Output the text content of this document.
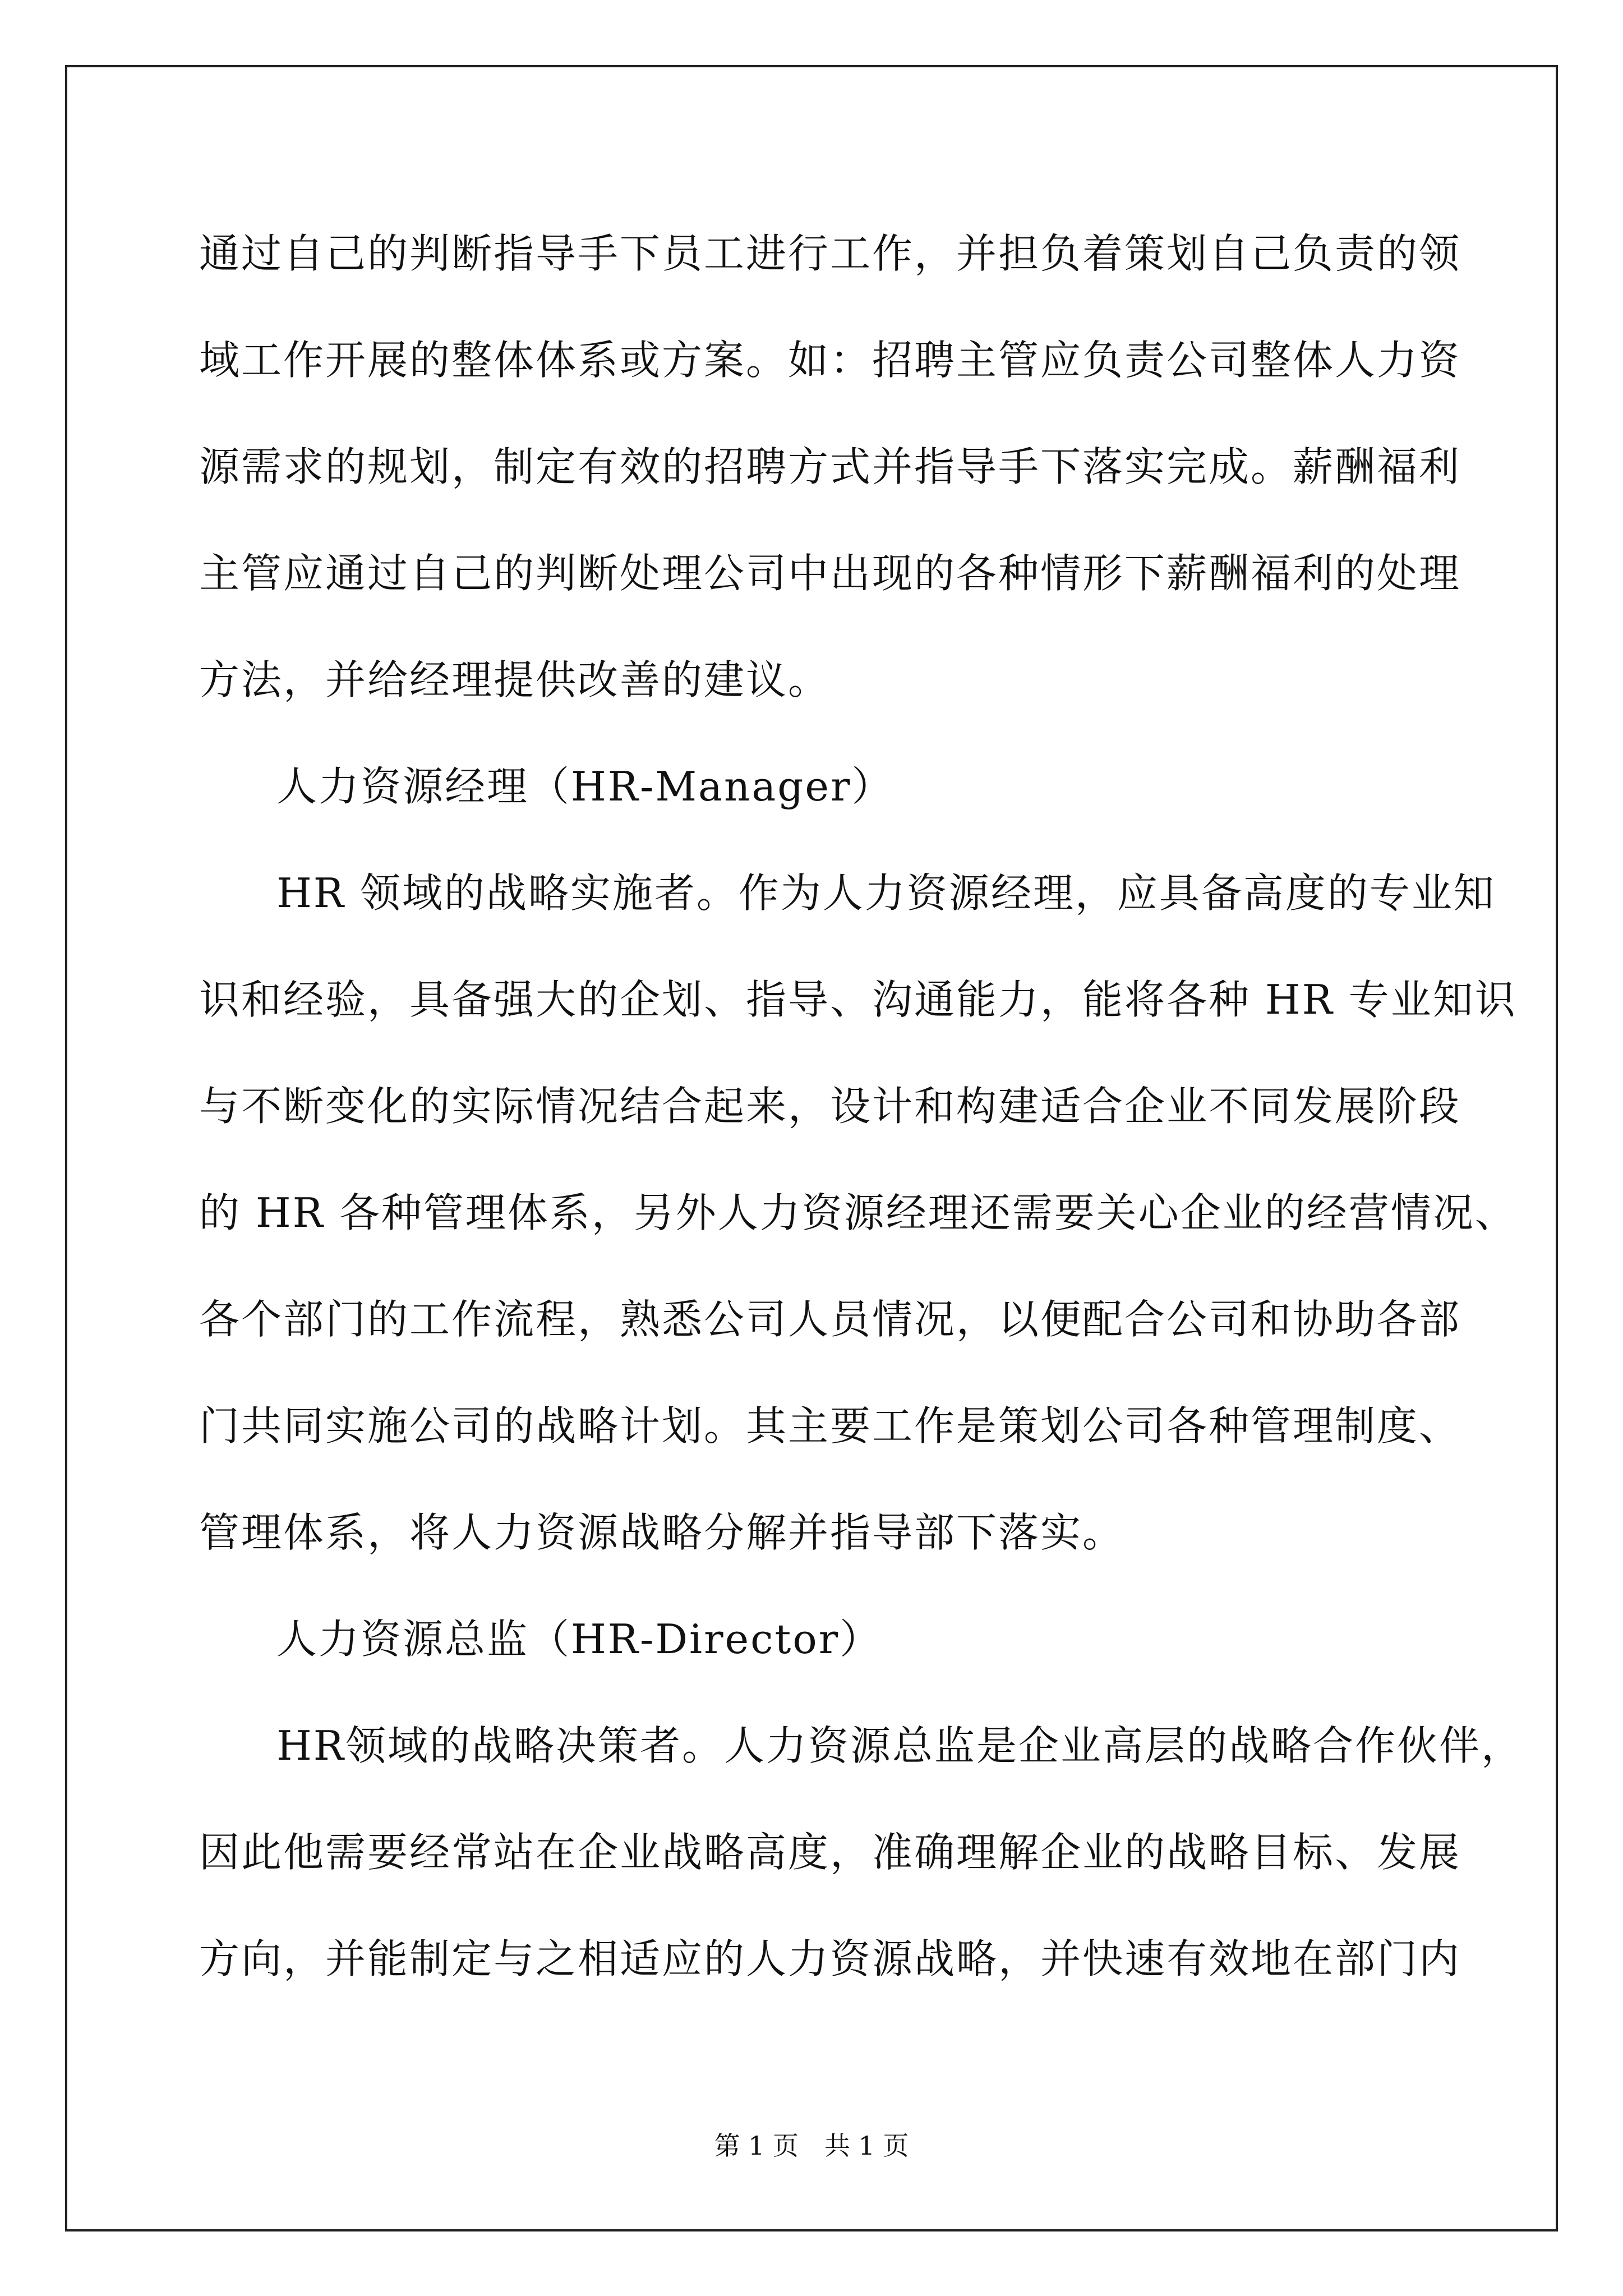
通过自己的判断指导手下员工进行工作，并担负着策划自己负责的领
域工作开展的整体体系或方案。如：招聘主管应负责公司整体人力资
源需求的规划，制定有效的招聘方式并指导手下落实完成。薪酬福利
主管应通过自己的判断处理公司中出现的各种情形下薪酬福利的处理
方法，并给经理提供改善的建议。
人力资源经理（HR-Manager）
HR 领域的战略实施者。作为人力资源经理，应具备高度的专业知
识和经验，具备强大的企划、指导、沟通能力，能将各种 HR 专业知识
与不断变化的实际情况结合起来，设计和构建适合企业不同发展阶段
的 HR 各种管理体系，另外人力资源经理还需要关心企业的经营情况、
各个部门的工作流程，熟悉公司人员情况，以便配合公司和协助各部
门共同实施公司的战略计划。其主要工作是策划公司各种管理制度、
管理体系，将人力资源战略分解并指导部下落实。
人力资源总监（HR-Director）
HR领域的战略决策者。人力资源总监是企业高层的战略合作伙伴，
因此他需要经常站在企业战略高度，准确理解企业的战略目标、发展
方向，并能制定与之相适应的人力资源战略，并快速有效地在部门内
第 1 页　共 1 页
